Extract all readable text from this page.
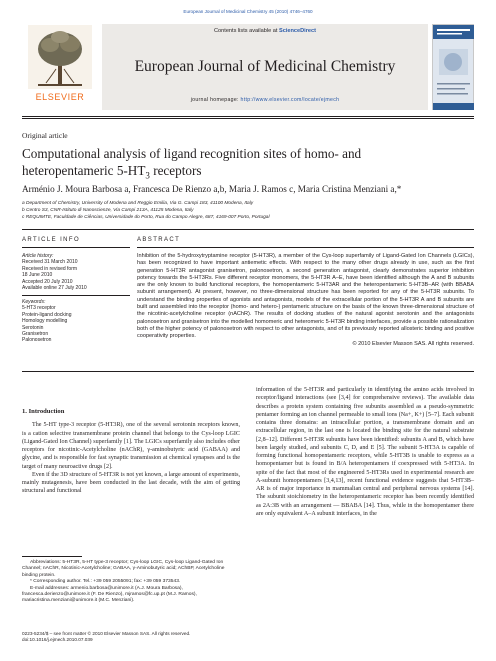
European Journal of Medicinal Chemistry 45 (2010) 4746–4760
ELSEVIER
Contents lists available at ScienceDirect
European Journal of Medicinal Chemistry
journal homepage: http://www.elsevier.com/locate/ejmech
Original article
Computational analysis of ligand recognition sites of homo- and
heteropentameric $5-HT_3$ receptors
Arménio J. Moura Barbosa a, Francesca De Rienzo a,b, Maria J. Ramos c, Maria Cristina Menziani a,*
a Department of Chemistry, University of Modena and Reggio Emilia, Via G. Campi 183, 41100 Modena, Italy
b Centro S3, CNR-Istituto di Nanoscienze, Via Campi 213A, 41125 Modena, Italy
c REQUIMTE, Faculdade de Ciências, Universidade do Porto, Rua do Campo Alegre, 687, 4169-007 Porto, Portugal
ARTICLE INFO	ABSTRACT
Article history:
Received 31 March 2010
Received in revised form
18 June 2010
Accepted 20 July 2010
Available online 27 July 2010
Keywords:
5-HT3 receptor
Protein-ligand docking
Homology modelling
Serotonin
Granisetron
Palonosetron
Inhibition of the 5-hydroxytryptamine receptor (5-HT3R), a member of the Cys-loop superfamily of Ligand-Gated Ion Channels (LGICs), has been recognized to have important antiemetic effects. With respect to the many other drugs already in use, such as the first generation 5-HT3R antagonist granisetron, palonosetron, a second generation antagonist, clearly demonstrates superior inhibition potency towards the 5-HT3Rs. Five different receptor monomers, the 5-HT3R A–E, have been identified although the A and B subunits are the only known to build functional receptors, the homopentameric 5-HT3AR and the heteropentameric 5-HT3B–AR (with BBABA subunit arrangement). At present, however, no three-dimensional structure has been reported for any of the 5-HT3R subunits. To understand the binding properties of agonists and antagonists, models of the extracellular portion of the 5-HT3R A and B subunits are built and assembled into the receptor (homo- and hetero-) pentameric structure on the basis of the known three-dimensional structure of the nicotinic-acetylcholine receptor (nAChR). The results of docking studies of the natural agonist serotonin and the antagonists palonosetron and granisetron into the modelled homomeric and heteromeric 5-HT3R binding interfaces, provide a possible rationalization both of the higher potency of palonosetron with respect to other antagonists, and of its previously reported allosteric binding and positive cooperativity properties.
© 2010 Elsevier Masson SAS. All rights reserved.
1. Introduction

The 5-HT type-3 receptor (5-HT3R), one of the several serotonin receptors known, is a cation selective transmembrane protein channel that belongs to the Cys-loop LGIC (Ligand-Gated Ion Channel) superfamily [1]. The LGICs superfamily also includes other receptors for nicotinic-Acetylcholine (nAChR), γ-aminobutyric acid (GABAA) and glycine, and is responsible for fast synaptic transmission at chemical synapses and is the target of many neuroactive drugs [2].

Even if the 3D structure of 5-HT3R is not yet known, a large amount of experiments, mainly mutagenesis, have been conducted in the last decade, with the aim of getting structural and functional

information of the 5-HT3R and particularly in identifying the amino acids involved in receptor/ligand interactions (see [3,4] for comprehensive reviews). The available data describes a protein system containing five subunits assembled as a pseudo-symmetric pentamer forming an ion channel permeable to small ions (Na+, K+) [5–7]. Each subunit contains three domains: an intracellular portion, a transmembrane domain and an extracellular region, in the last one is located the binding site for the natural substrate [2,8–12]. Different 5-HT3R subunits have been identified: subunits A and B, which have been largely studied, and subunits C, D, and E [5]. The subunit 5-HT3A is capable of forming functional homopentameric receptors, while 5-HT3B is unable to express as a homopentamer but is found in B/A heteropentamers if coexpressed with 5-HT3A. In spite of the fact that most of the engineered 5-HT3Rs used in experimental research are A-subunit homopentamers [3,4,13], recent functional evidence suggests that 5-HT3B–AR is of major importance in mammalian central and peripheral nervous systems [14]. The subunit stoichiometry in the heteropentameric receptor has been recently identified as 2A:3B with an arrangement — BBABA [14]. Thus, while in the homopentamer there are only equivalent A–A subunit interfaces, in the

Abbreviations: 5-HT3R, 5-HT type-3 receptor; Cys-loop LGIC, Cys-loop Ligand-Gated Ion Channel; nAChR, Nicotinic-Acetylcholine; GABAA, γ-Aminobutyric acid; AChBP, Acetylcholine binding protein.

* Corresponding author. Tel.: +39 059 2055091; fax: +39 059 373543.

E-mail addresses: armenio.barbosa@unimore.it (A.J. Moura Barbosa), francesca.derienzo@unimore.it (F. De Rienzo), mjramos@fc.up.pt (M.J. Ramos), mariacristina.menziani@unimore.it (M.C. Menziani).

0223-5234/$ – see front matter © 2010 Elsevier Masson SAS. All rights reserved.
doi:10.1016/j.ejmech.2010.07.039
